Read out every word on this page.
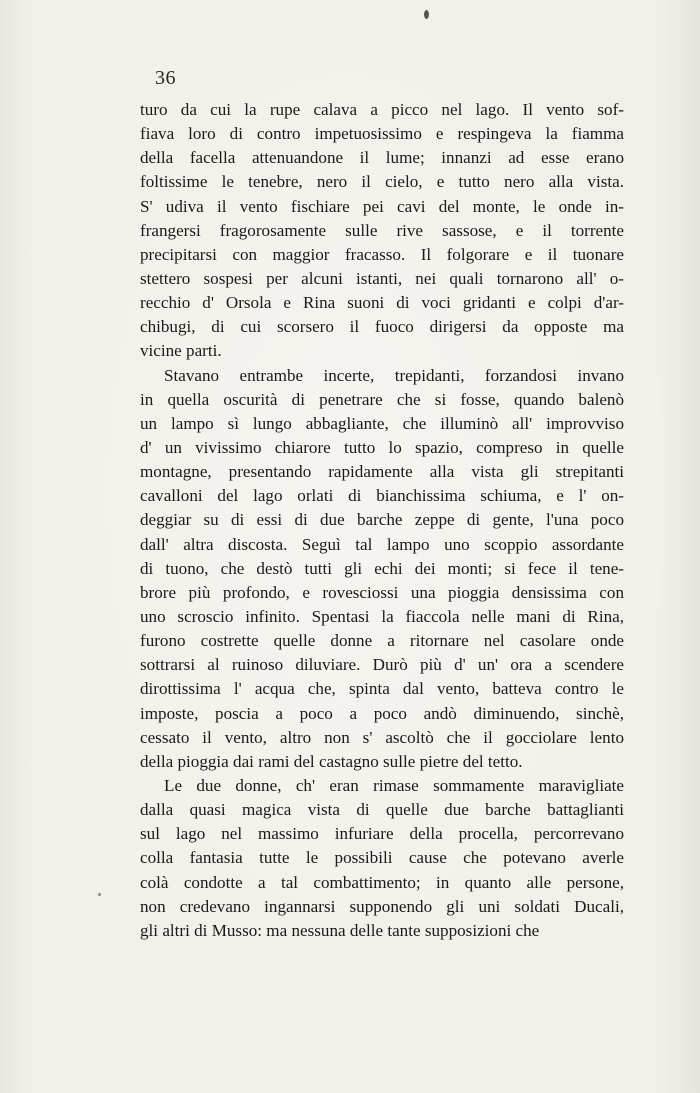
36
turo da cui la rupe calava a picco nel lago. Il vento sof-
fiava loro di contro impetuosissimo e respingeva la fiamma
della facella attenuandone il lume; innanzi ad esse erano
foltissime le tenebre, nero il cielo, e tutto nero alla vista.
S' udiva il vento fischiare pei cavi del monte, le onde in-
frangersi fragorosamente sulle rive sassose, e il torrente
precipitarsi con maggior fracasso. Il folgorare e il tuonare
stettero sospesi per alcuni istanti, nei quali tornarono all' o-
recchio d' Orsola e Rina suoni di voci gridanti e colpi d'ar-
chibugi, di cui scorsero il fuoco dirigersi da opposte ma
vicine parti.
Stavano entrambe incerte, trepidanti, forzandosi invano
in quella oscurità di penetrare che si fosse, quando balenò
un lampo sì lungo abbagliante, che illuminò all' improvviso
d' un vivissimo chiarore tutto lo spazio, compreso in quelle
montagne, presentando rapidamente alla vista gli strepitanti
cavalloni del lago orlati di bianchissima schiuma, e l' on-
deggiar su di essi di due barche zeppe di gente, l'una poco
dall' altra discosta. Seguì tal lampo uno scoppio assordante
di tuono, che destò tutti gli echi dei monti; si fece il tene-
brore più profondo, e rovesciossi una pioggia densissima con
uno scroscio infinito. Spentasi la fiaccola nelle mani di Rina,
furono costrette quelle donne a ritornare nel casolare onde
sottrarsi al ruinoso diluviare. Durò più d' un' ora a scendere
dirottissima l' acqua che, spinta dal vento, batteva contro le
imposte, poscia a poco a poco andò diminuendo, sinchè,
cessato il vento, altro non s' ascoltò che il gocciolare lento
della pioggia dai rami del castagno sulle pietre del tetto.
Le due donne, ch' eran rimase sommamente maravigliate
dalla quasi magica vista di quelle due barche battaglianti
sul lago nel massimo infuriare della procella, percorrevano
colla fantasia tutte le possibili cause che potevano averle
colà condotte a tal combattimento; in quanto alle persone,
non credevano ingannarsi supponendo gli uni soldati Ducali,
gli altri di Musso: ma nessuna delle tante supposizioni che
